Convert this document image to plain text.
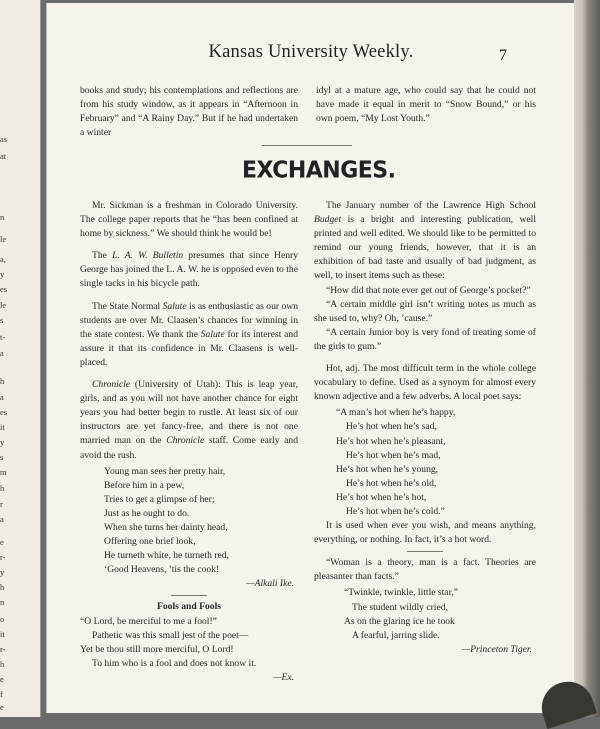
as
at
n
le
a,
y
es
le
s
t-
a
h
a
es
it
y
s
m
h
r
a
e
r-
y
h
n
o
it
r-
h
e
f
e
Kansas University Weekly.	7

books and study; his contemplations and reflections are from his study window, as it appears in “Afternoon in February” and “A Rainy Day.” But if he had undertaken a winter

idyl at a mature age, who could say that he could not have made it equal in merit to “Snow Bound,” or his own poem, “My Lost Youth.”

EXCHANGES.

Mr. Sickman is a freshman in Colorado University. The college paper reports that he “has been confined at home by sickness.” We should think he would be!

The L. A. W. Bulletin presumes that since Henry George has joined the L. A. W. he is opposed even to the single tacks in his bicycle path.

The State Normal Salute is as enthusiastic as our own students are over Mr. Claasen’s chances for winning in the state contest. We thank the Salute for its interest and assure it that its confidence in Mr. Claasens is well-placed.

Chronicle (University of Utah): This is leap year, girls, and as you will not have another chance for eight years you had better begin to rustle. At least six of our instructors are yet fancy-free, and there is not one married man on the Chronicle staff. Come early and avoid the rush.

Young man sees her pretty hair,
Before him in a pew,
Tries to get a glimpse of her;
Just as he ought to do.
When she turns her dainty head,
Offering one brief look,
He turneth white, he turneth red,
‘Good Heavens, ’tis the cook!
—Alkali Ike.
Fools and Fools
“O Lord, be merciful to me a fool!”
Pathetic was this small jest of the poet—
Yet be thou still more merciful, O Lord!
To him who is a fool and does not know it.
—Ex.

The January number of the Lawrence High School Budget is a bright and interesting publication, well printed and well edited. We should like to be permitted to remind our young friends, however, that it is an exhibition of bad taste and usually of bad judgment, as well, to insert items such as these:

“How did that note ever get out of George’s pocket?”

“A certain middle girl isn’t writing notes as much as she used to, why? Oh, ’cause.”

“A certain Junior boy is very fond of treating some of the girls to gum.”

Hot, adj. The most difficult term in the whole college vocabulary to define. Used as a synoym for almost every known adjective and a few adverbs. A local poet says:

“A man’s hot when he’s happy,
He’s hot when he’s sad,
He’s hot when he’s pleasant,
He’s hot when he’s mad,
He’s hot when he’s young,
He’s hot when he’s old,
He’s hot when he’s hot,
He’s hot when he’s cold.”

It is used when ever you wish, and means anything, everything, or nothing. In fact, it’s a hot word.

“Woman is a theory, man is a fact. Theories are pleasanter than facts.”

“Twinkle, twinkle, little star,”
The student wildly cried,
As on the glaring ice he took
A fearful, jarring slide.
—Princeton Tiger.
